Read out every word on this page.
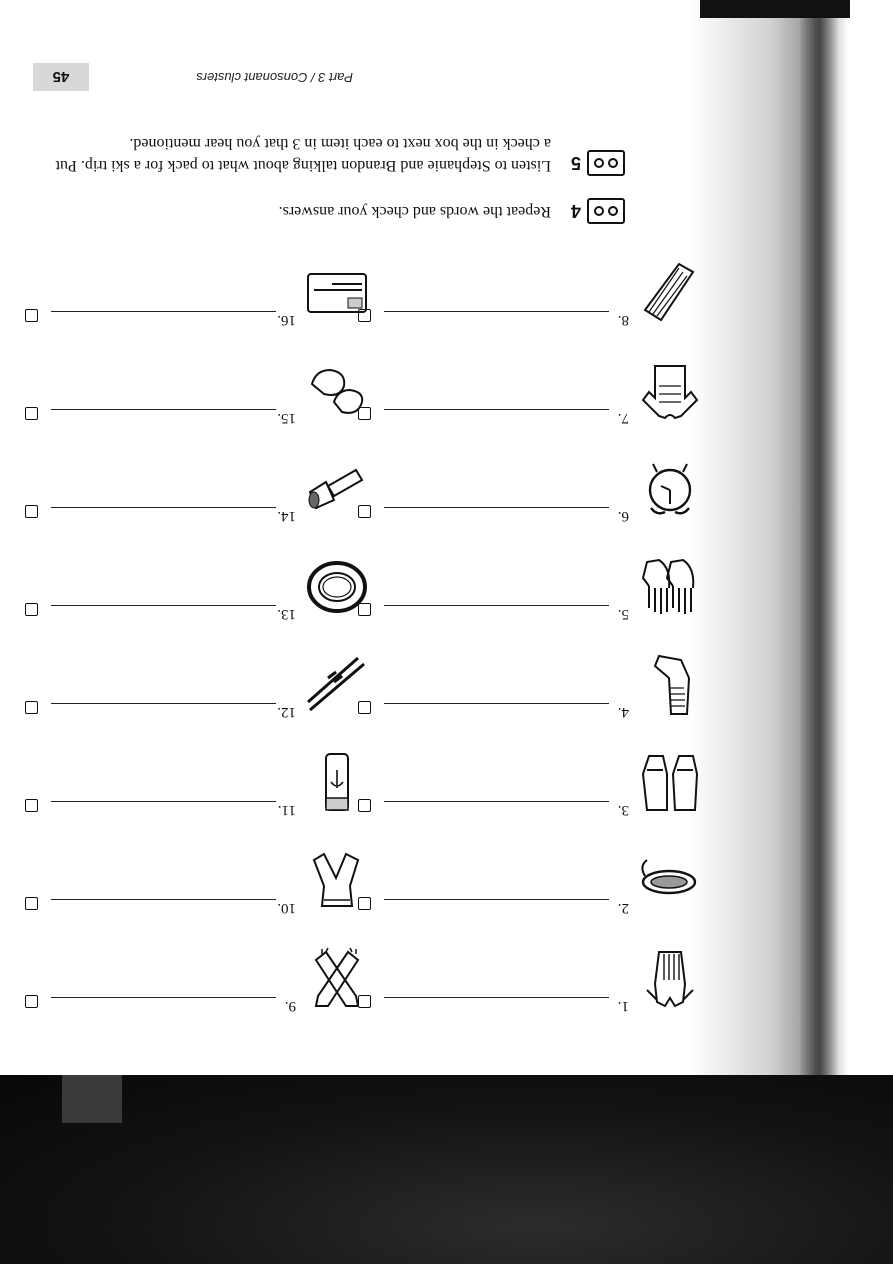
Part 3 / Consonant clusters
45
4
Repeat the words and check your answers.
5
Listen to Stephanie and Brandon talking about what to pack for a ski trip. Put a check in the box next to each item in 3 that you hear mentioned.
1.
2.
3.
4.
5.
6.
7.
8.
9.
10.
11.
12.
13.
14.
15.
16.
